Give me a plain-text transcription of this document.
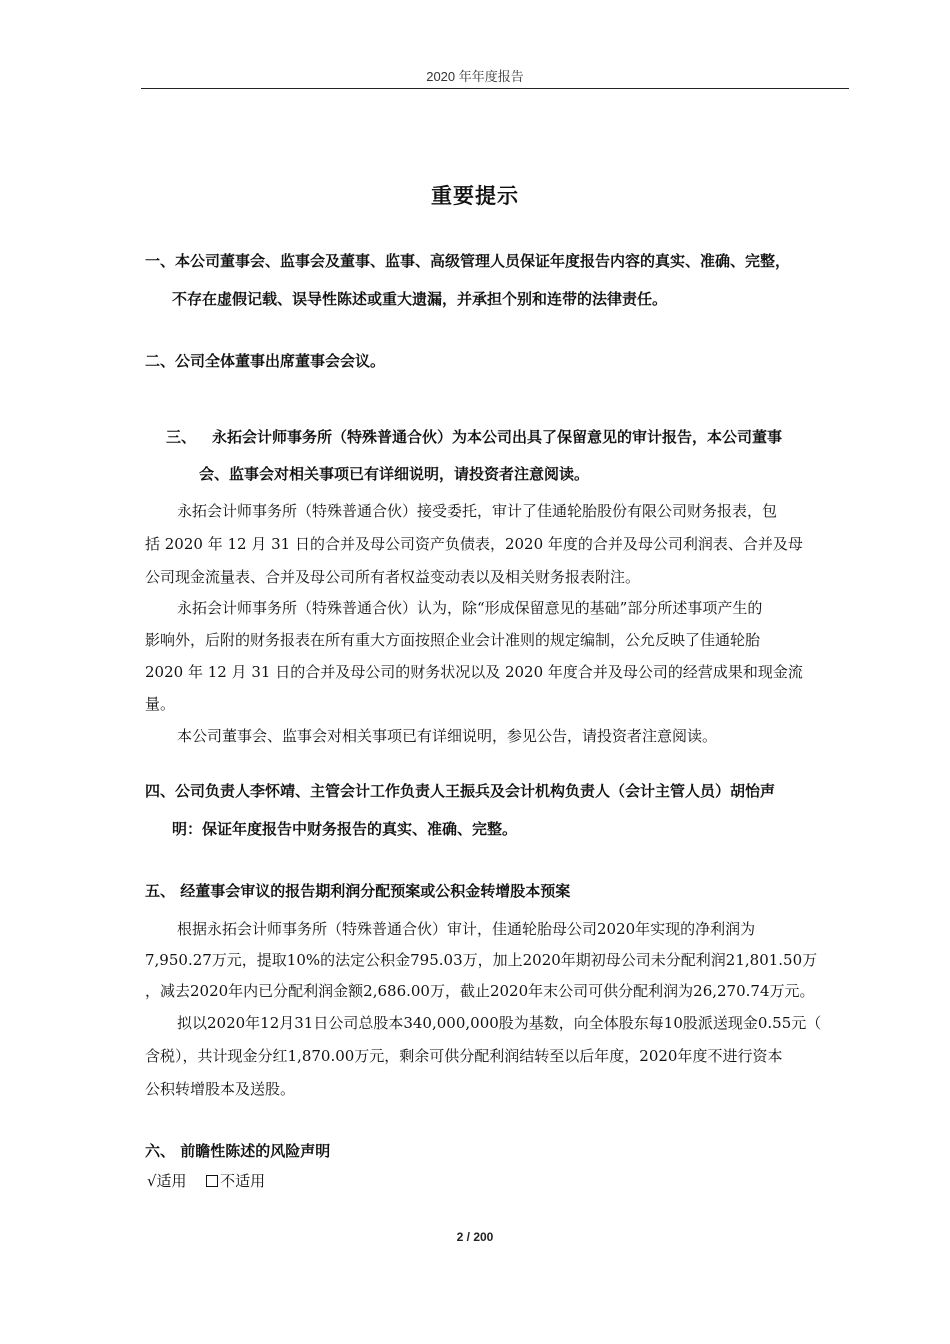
2020 年年度报告
重要提示
一、本公司董事会、监事会及董事、监事、高级管理人员保证年度报告内容的真实、准确、完整，
不存在虚假记载、误导性陈述或重大遗漏，并承担个别和连带的法律责任。
二、公司全体董事出席董事会会议。
三、 永拓会计师事务所（特殊普通合伙）为本公司出具了保留意见的审计报告，本公司董事
会、监事会对相关事项已有详细说明，请投资者注意阅读。
永拓会计师事务所（特殊普通合伙）接受委托，审计了佳通轮胎股份有限公司财务报表，包
括 2020 年 12 月 31 日的合并及母公司资产负债表，2020 年度的合并及母公司利润表、合并及母
公司现金流量表、合并及母公司所有者权益变动表以及相关财务报表附注。
永拓会计师事务所（特殊普通合伙）认为，除“形成保留意见的基础”部分所述事项产生的
影响外，后附的财务报表在所有重大方面按照企业会计准则的规定编制，公允反映了佳通轮胎
2020 年 12 月 31 日的合并及母公司的财务状况以及 2020 年度合并及母公司的经营成果和现金流
量。
本公司董事会、监事会对相关事项已有详细说明，参见公告，请投资者注意阅读。
四、公司负责人李怀靖、主管会计工作负责人王振兵及会计机构负责人（会计主管人员）胡怡声
明：保证年度报告中财务报告的真实、准确、完整。
五、 经董事会审议的报告期利润分配预案或公积金转增股本预案
根据永拓会计师事务所（特殊普通合伙）审计，佳通轮胎母公司2020年实现的净利润为
7,950.27万元，提取10%的法定公积金795.03万，加上2020年期初母公司未分配利润21,801.50万
，减去2020年内已分配利润金额2,686.00万，截止2020年末公司可供分配利润为26,270.74万元。
拟以2020年12月31日公司总股本340,000,000股为基数，向全体股东每10股派送现金0.55元（
含税），共计现金分红1,870.00万元，剩余可供分配利润结转至以后年度，2020年度不进行资本
公积转增股本及送股。
六、 前瞻性陈述的风险声明
√适用 不适用
2 / 200
